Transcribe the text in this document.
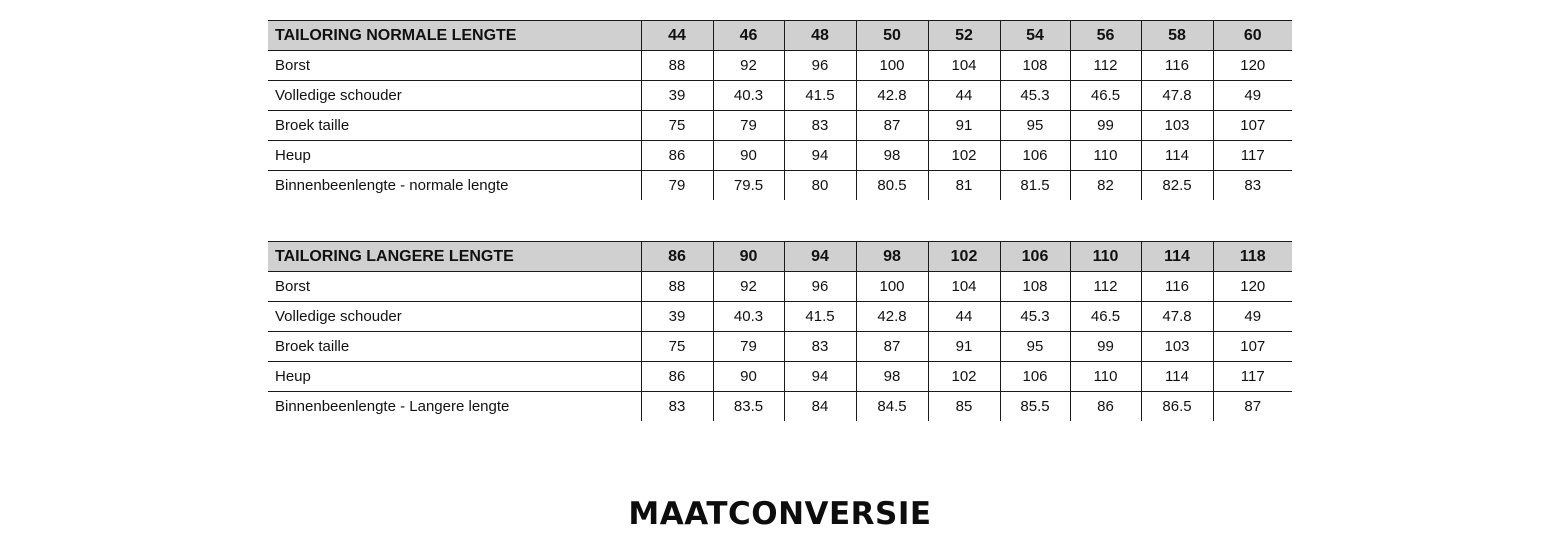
TAILORING NORMALE LENGTE	44	46	48	50	52	54	56	58	60
Borst	88	92	96	100	104	108	112	116	120
Volledige schouder	39	40.3	41.5	42.8	44	45.3	46.5	47.8	49
Broek taille	75	79	83	87	91	95	99	103	107
Heup	86	90	94	98	102	106	110	114	117
Binnenbeenlengte - normale lengte	79	79.5	80	80.5	81	81.5	82	82.5	83
TAILORING LANGERE LENGTE	86	90	94	98	102	106	110	114	118
Borst	88	92	96	100	104	108	112	116	120
Volledige schouder	39	40.3	41.5	42.8	44	45.3	46.5	47.8	49
Broek taille	75	79	83	87	91	95	99	103	107
Heup	86	90	94	98	102	106	110	114	117
Binnenbeenlengte - Langere lengte	83	83.5	84	84.5	85	85.5	86	86.5	87
MAATCONVERSIE
